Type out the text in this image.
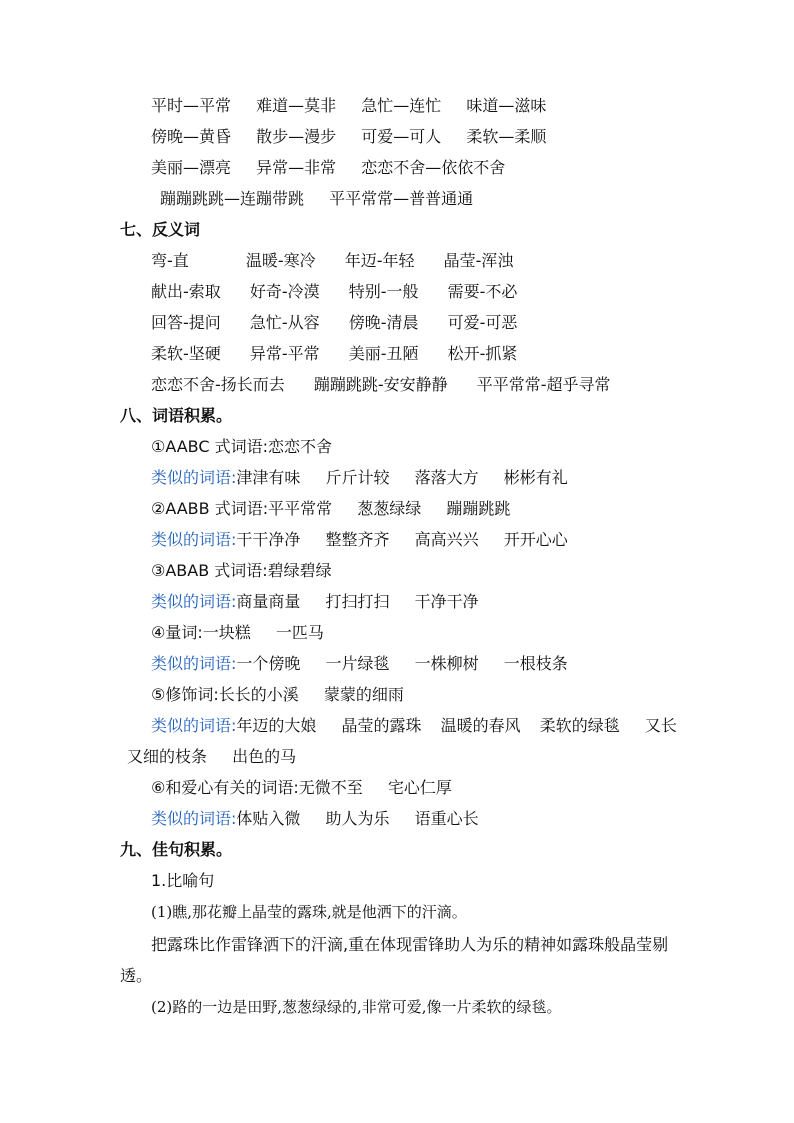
平时—平常 难道—莫非 急忙—连忙 味道—滋味
傍晚—黄昏 散步—漫步 可爱—可人 柔软—柔顺
美丽—漂亮 异常—非常 恋恋不舍—依依不舍
蹦蹦跳跳—连蹦带跳 平平常常—普普通通
七、反义词
弯-直	温暖-寒冷 年迈-年轻 晶莹-浑浊
献出-索取 好奇-冷漠 特别-一般 需要-不必
回答-提问 急忙-从容 傍晚-清晨 可爱-可恶
柔软-坚硬 异常-平常 美丽-丑陋 松开-抓紧
恋恋不舍-扬长而去 蹦蹦跳跳-安安静静 平平常常-超乎寻常
八、词语积累。
①AABC 式词语:恋恋不舍
类似的词语:津津有味 斤斤计较 落落大方 彬彬有礼
②AABB 式词语:平平常常 葱葱绿绿 蹦蹦跳跳
类似的词语:干干净净 整整齐齐 高高兴兴 开开心心
③ABAB 式词语:碧绿碧绿
类似的词语:商量商量 打扫打扫 干净干净
④量词:一块糕 一匹马
类似的词语:一个傍晚 一片绿毯 一株柳树 一根枝条
⑤修饰词:长长的小溪 蒙蒙的细雨
类似的词语:年迈的大娘 晶莹的露珠 温暖的春风 柔软的绿毯 又长
又细的枝条 出色的马
⑥和爱心有关的词语:无微不至 宅心仁厚
类似的词语:体贴入微 助人为乐 语重心长
九、佳句积累。
1.比喻句
(1)瞧,那花瓣上晶莹的露珠,就是他洒下的汗滴。
把露珠比作雷锋洒下的汗滴,重在体现雷锋助人为乐的精神如露珠般晶莹剔
透。
(2)路的一边是田野,葱葱绿绿的,非常可爱,像一片柔软的绿毯。
